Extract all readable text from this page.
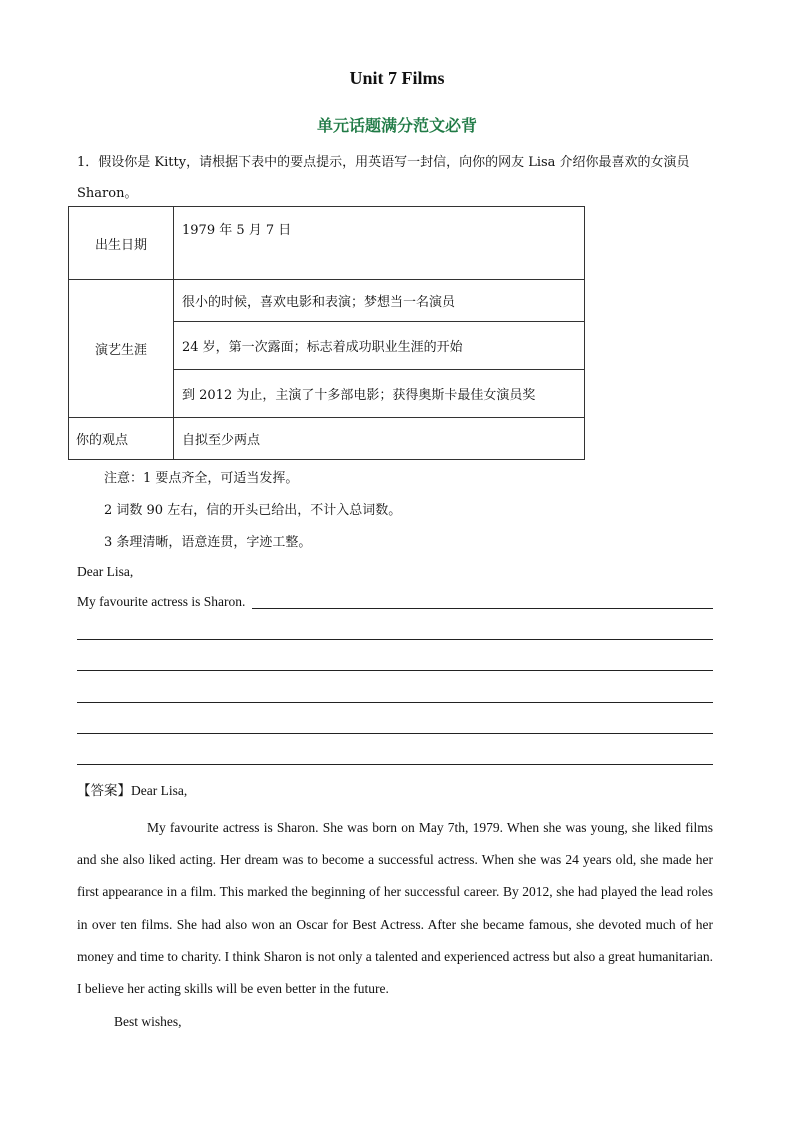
Unit 7 Films
单元话题满分范文必背
1．假设你是 Kitty，请根据下表中的要点提示，用英语写一封信，向你的网友 Lisa 介绍你最喜欢的女演员
Sharon。
出生日期	1979 年 5 月 7 日
演艺生涯	很小的时候，喜欢电影和表演；梦想当一名演员
	24 岁，第一次露面；标志着成功职业生涯的开始
	到 2012 为止，主演了十多部电影；获得奥斯卡最佳女演员奖
你的观点	自拟至少两点
注意：1 要点齐全，可适当发挥。
2 词数 90 左右，信的开头已给出，不计入总词数。
3 条理清晰，语意连贯，字迹工整。
Dear Lisa,
My favourite actress is Sharon.
【答案】Dear Lisa,
My favourite actress is Sharon. She was born on May 7th, 1979. When she was young, she liked films and she also liked acting. Her dream was to become a successful actress. When she was 24 years old, she made her first appearance in a film. This marked the beginning of her successful career. By 2012, she had played the lead roles in over ten films. She had also won an Oscar for Best Actress. After she became famous, she devoted much of her money and time to charity. I think Sharon is not only a talented and experienced actress but also a great humanitarian. I believe her acting skills will be even better in the future.
Best wishes,
